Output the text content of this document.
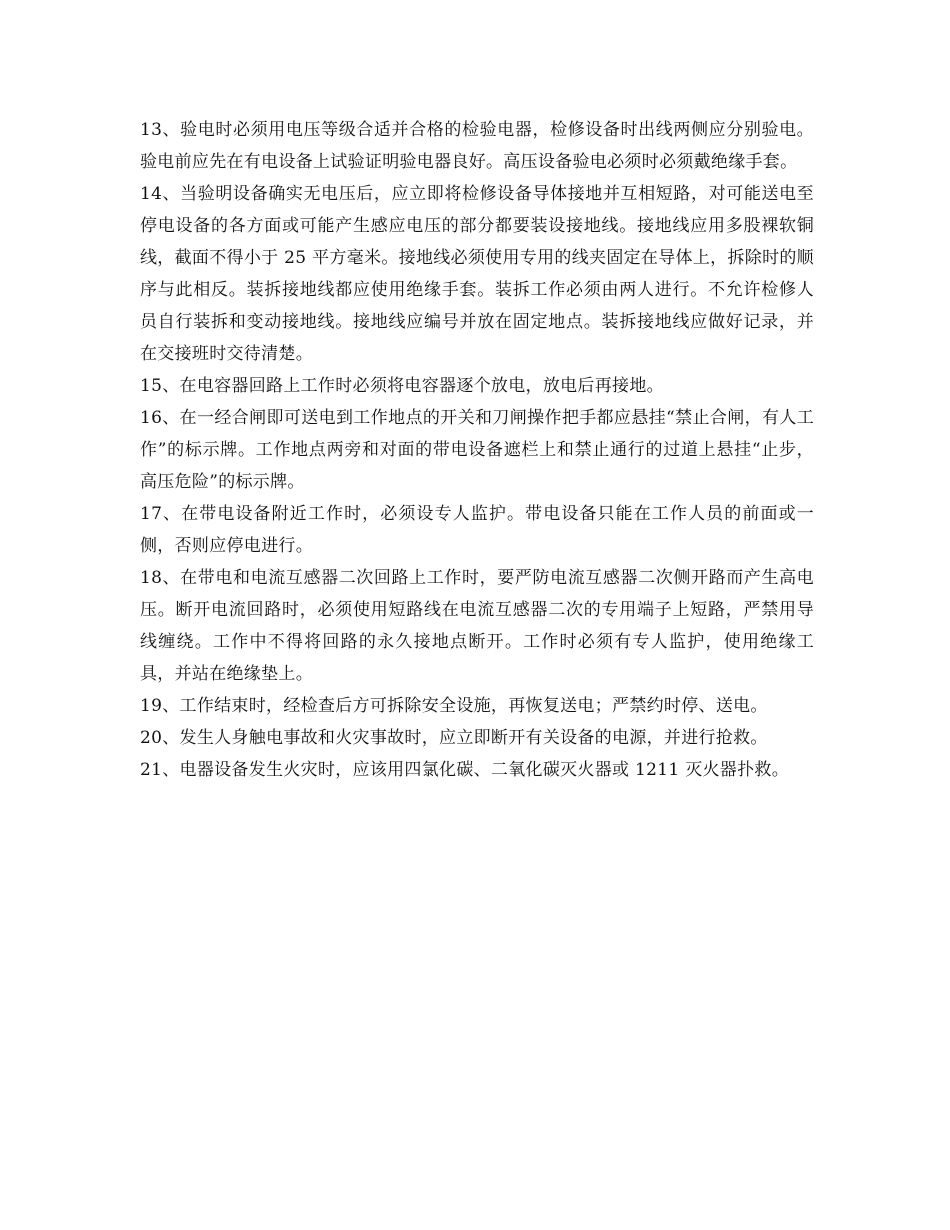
13、验电时必须用电压等级合适并合格的检验电器，检修设备时出线两侧应分别验电。验电前应先在有电设备上试验证明验电器良好。高压设备验电必须时必须戴绝缘手套。

14、当验明设备确实无电压后，应立即将检修设备导体接地并互相短路，对可能送电至停电设备的各方面或可能产生感应电压的部分都要装设接地线。接地线应用多股裸软铜线，截面不得小于 25 平方毫米。接地线必须使用专用的线夹固定在导体上，拆除时的顺序与此相反。装拆接地线都应使用绝缘手套。装拆工作必须由两人进行。不允许检修人员自行装拆和变动接地线。接地线应编号并放在固定地点。装拆接地线应做好记录，并在交接班时交待清楚。

15、在电容器回路上工作时必须将电容器逐个放电，放电后再接地。

16、在一经合闸即可送电到工作地点的开关和刀闸操作把手都应悬挂“禁止合闸，有人工作”的标示牌。工作地点两旁和对面的带电设备遮栏上和禁止通行的过道上悬挂“止步，高压危险”的标示牌。

17、在带电设备附近工作时，必须设专人监护。带电设备只能在工作人员的前面或一侧，否则应停电进行。

18、在带电和电流互感器二次回路上工作时，要严防电流互感器二次侧开路而产生高电压。断开电流回路时，必须使用短路线在电流互感器二次的专用端子上短路，严禁用导线缠绕。工作中不得将回路的永久接地点断开。工作时必须有专人监护，使用绝缘工具，并站在绝缘垫上。

19、工作结束时，经检查后方可拆除安全设施，再恢复送电；严禁约时停、送电。

20、发生人身触电事故和火灾事故时，应立即断开有关设备的电源，并进行抢救。

21、电器设备发生火灾时，应该用四氯化碳、二氧化碳灭火器或 1211 灭火器扑救。
